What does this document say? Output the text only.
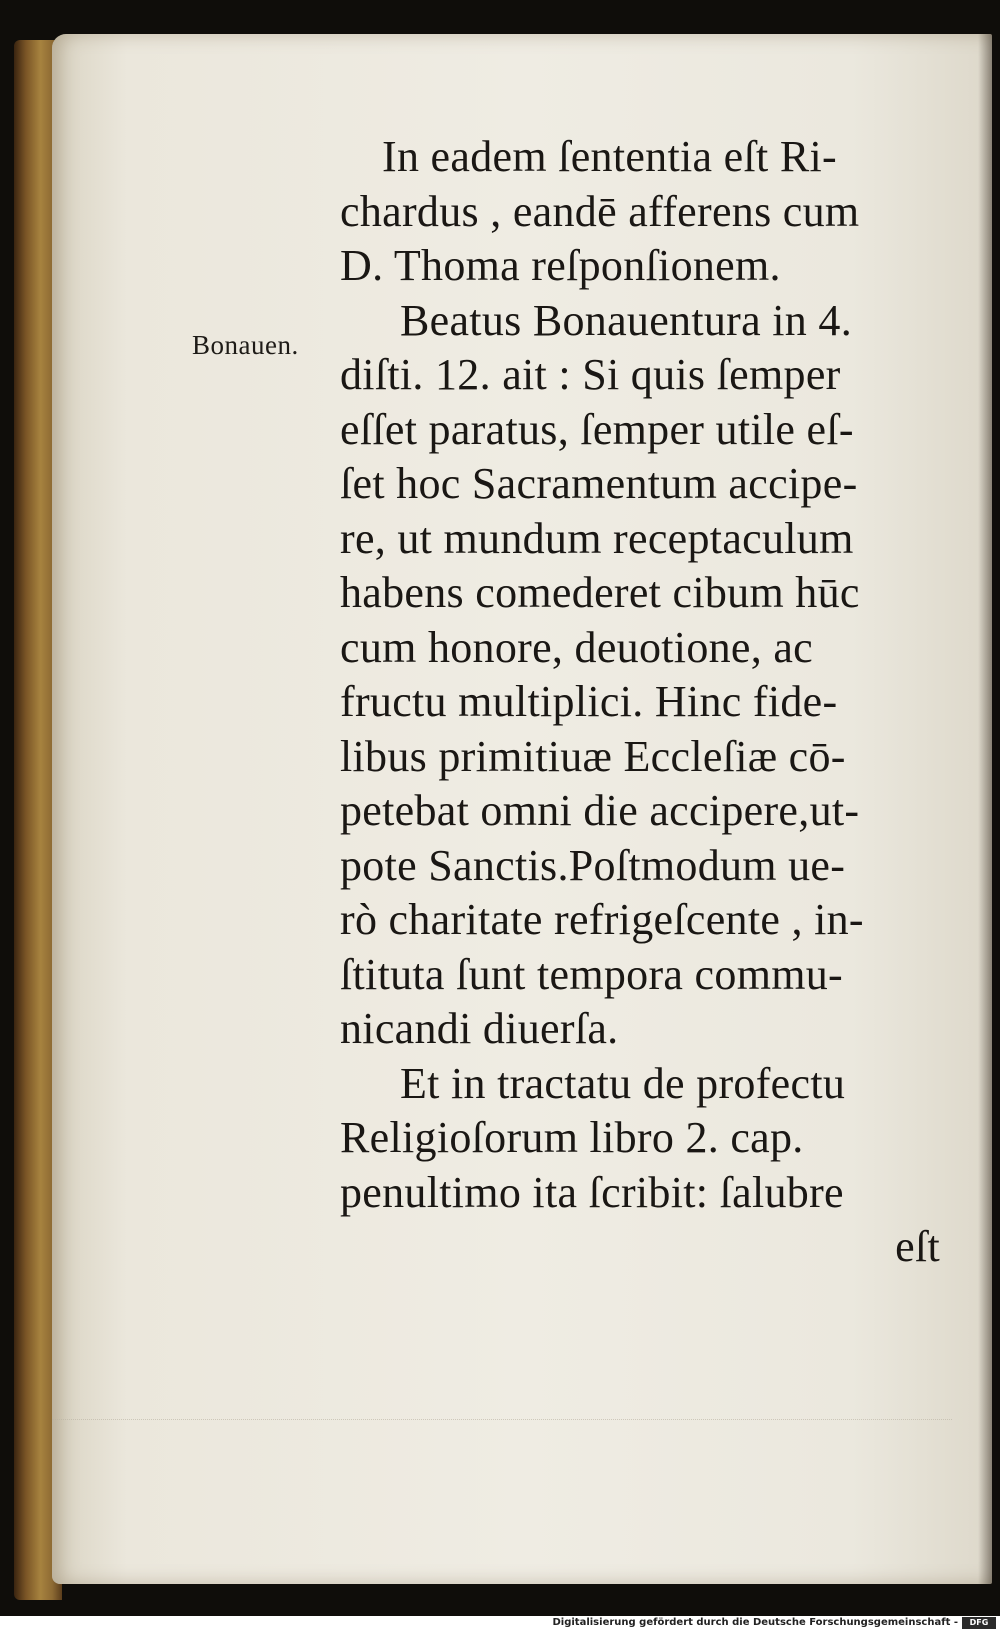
Bonauen.
In eadem ſententia eſt Ri-
chardus , eandē afferens cum
D. Thoma reſponſionem.
Beatus Bonauentura in 4.
diſti. 12. ait : Si quis ſemper
eſſet paratus, ſemper utile eſ-
ſet hoc Sacramentum accipe-
re, ut mundum receptaculum
habens comederet cibum hūc
cum honore, deuotione, ac
fructu multiplici. Hinc fide-
libus primitiuæ Eccleſiæ cō-
petebat omni die accipere,ut-
pote Sanctis.Poſtmodum ue-
rò charitate refrigeſcente , in-
ſtituta ſunt tempora commu-
nicandi diuerſa.
Et in tractatu de profectu
Religioſorum libro 2. cap.
penultimo ita ſcribit: ſalubre
eſt
Digitalisierung gefördert durch die Deutsche Forschungsgemeinschaft -	DFG
